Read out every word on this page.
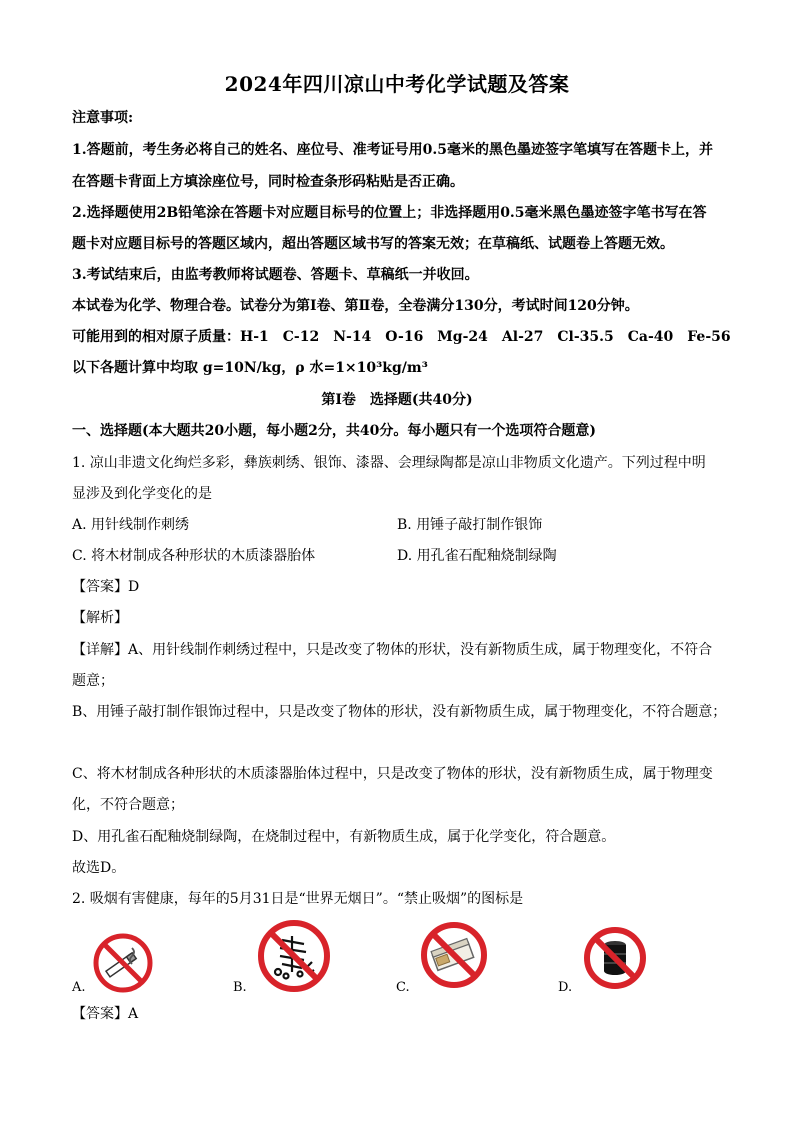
2024年四川凉山中考化学试题及答案
注意事项:
1.答题前，考生务必将自己的姓名、座位号、准考证号用0.5毫米的黑色墨迹签字笔填写在答题卡上，并
在答题卡背面上方填涂座位号，同时检查条形码粘贴是否正确。
2.选择题使用2B铅笔涂在答题卡对应题目标号的位置上；非选择题用0.5毫米黑色墨迹签字笔书写在答
题卡对应题目标号的答题区域内，超出答题区域书写的答案无效；在草稿纸、试题卷上答题无效。
3.考试结束后，由监考教师将试题卷、答题卡、草稿纸一并收回。
本试卷为化学、物理合卷。试卷分为第Ⅰ卷、第Ⅱ卷，全卷满分130分，考试时间120分钟。
可能用到的相对原子质量：H-1　C-12　N-14　O-16　Mg-24　Al-27　Cl-35.5　Ca-40　Fe-56
以下各题计算中均取 g=10N/kg，ρ 水=1×10³kg/m³
第Ⅰ卷　选择题(共40分)
一、选择题(本大题共20小题，每小题2分，共40分。每小题只有一个选项符合题意)
1. 凉山非遗文化绚烂多彩，彝族刺绣、银饰、漆器、会理绿陶都是凉山非物质文化遗产。下列过程中明
显涉及到化学变化的是
A. 用针线制作刺绣	B. 用锤子敲打制作银饰
C. 将木材制成各种形状的木质漆器胎体	D. 用孔雀石配釉烧制绿陶
【答案】D
【解析】
【详解】A、用针线制作刺绣过程中，只是改变了物体的形状，没有新物质生成，属于物理变化，不符合
题意；
B、用锤子敲打制作银饰过程中，只是改变了物体的形状，没有新物质生成，属于物理变化，不符合题意；
C、将木材制成各种形状的木质漆器胎体过程中，只是改变了物体的形状，没有新物质生成，属于物理变
化，不符合题意；
D、用孔雀石配釉烧制绿陶，在烧制过程中，有新物质生成，属于化学变化，符合题意。
故选D。
2. 吸烟有害健康，每年的5月31日是“世界无烟日”。“禁止吸烟”的图标是
A.	B.	C.	D.
【答案】A
